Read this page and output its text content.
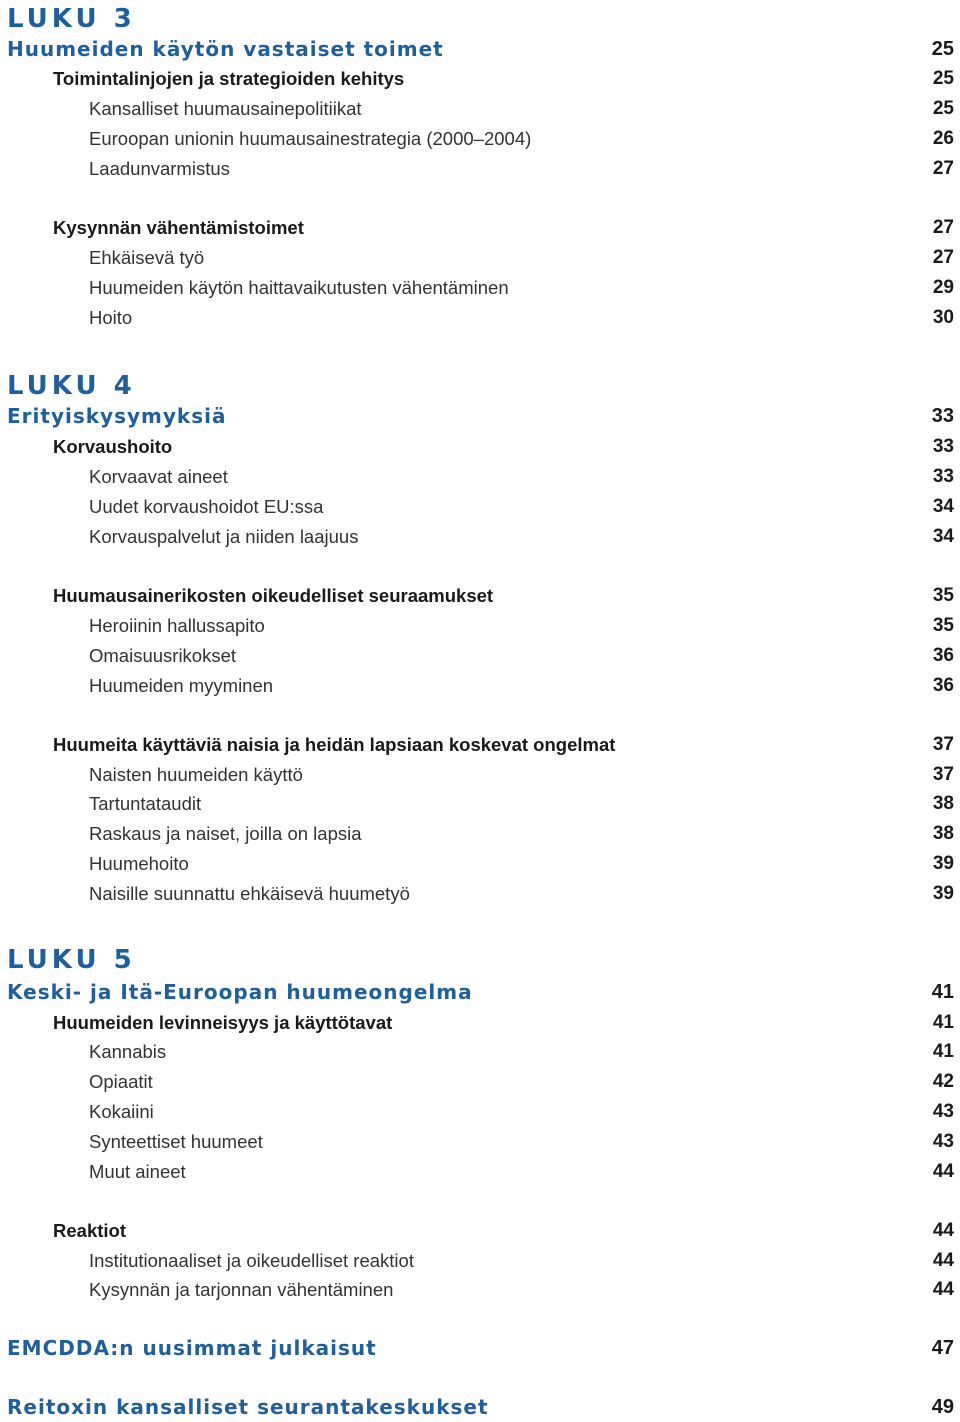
LUKU 3
LUKU 4
LUKU 5
Huumeiden käytön vastaiset toimet	25
Toimintalinjojen ja strategioiden kehitys	25
Kansalliset huumausainepolitiikat	25
Euroopan unionin huumausainestrategia (2000–2004)	26
Laadunvarmistus	27
Kysynnän vähentämistoimet	27
Ehkäisevä työ	27
Huumeiden käytön haittavaikutusten vähentäminen	29
Hoito	30
Erityiskysymyksiä	33
Korvaushoito	33
Korvaavat aineet	33
Uudet korvaushoidot EU:ssa	34
Korvauspalvelut ja niiden laajuus	34
Huumausainerikosten oikeudelliset seuraamukset	35
Heroiinin hallussapito	35
Omaisuusrikokset	36
Huumeiden myyminen	36
Huumeita käyttäviä naisia ja heidän lapsiaan koskevat ongelmat	37
Naisten huumeiden käyttö	37
Tartuntataudit	38
Raskaus ja naiset, joilla on lapsia	38
Huumehoito	39
Naisille suunnattu ehkäisevä huumetyö	39
Keski- ja Itä-Euroopan huumeongelma	41
Huumeiden levinneisyys ja käyttötavat	41
Kannabis	41
Opiaatit	42
Kokaiini	43
Synteettiset huumeet	43
Muut aineet	44
Reaktiot	44
Institutionaaliset ja oikeudelliset reaktiot	44
Kysynnän ja tarjonnan vähentäminen	44
EMCDDA:n uusimmat julkaisut	47
Reitoxin kansalliset seurantakeskukset	49
